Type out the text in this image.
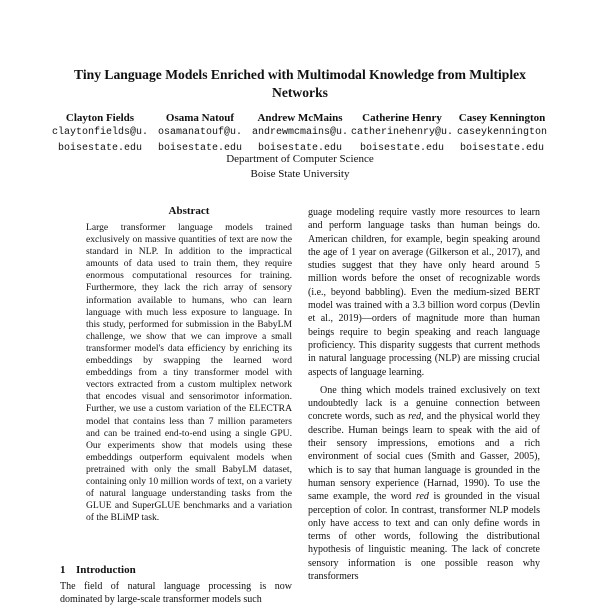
Tiny Language Models Enriched with Multimodal Knowledge from Multiplex Networks
Clayton Fields
claytonfields@u.
boisestate.edu
Osama Natouf
osamanatouf@u.
boisestate.edu
Andrew McMains
andrewmcmains@u.
boisestate.edu
Catherine Henry
catherinehenry@u.
boisestate.edu
Casey Kennington
caseykennington
boisestate.edu
Department of Computer Science
Boise State University
Abstract
Large transformer language models trained exclusively on massive quantities of text are now the standard in NLP. In addition to the impractical amounts of data used to train them, they require enormous computational resources for training. Furthermore, they lack the rich array of sensory information available to humans, who can learn language with much less exposure to language. In this study, performed for submission in the BabyLM challenge, we show that we can improve a small transformer model's data efficiency by enriching its embeddings by swapping the learned word embeddings from a tiny transformer model with vectors extracted from a custom multiplex network that encodes visual and sensorimotor information. Further, we use a custom variation of the ELECTRA model that contains less than 7 million parameters and can be trained end-to-end using a single GPU. Our experiments show that models using these embeddings outperform equivalent models when pretrained with only the small BabyLM dataset, containing only 10 million words of text, on a variety of natural language understanding tasks from the GLUE and SuperGLUE benchmarks and a variation of the BLiMP task.
1 Introduction
The field of natural language processing is now dominated by large-scale transformer models such

guage modeling require vastly more resources to learn and perform language tasks than human beings do. American children, for example, begin speaking around the age of 1 year on average (Gilkerson et al., 2017), and studies suggest that they have only heard around 5 million words before the onset of recognizable words (i.e., beyond babbling). Even the medium-sized BERT model was trained with a 3.3 billion word corpus (Devlin et al., 2019)—orders of magnitude more than human beings require to begin speaking and reach language proficiency. This disparity suggests that current methods in natural language processing (NLP) are missing crucial aspects of language learning.

One thing which models trained exclusively on text undoubtedly lack is a genuine connection between concrete words, such as red, and the physical world they describe. Human beings learn to speak with the aid of their sensory impressions, emotions and a rich environment of social cues (Smith and Gasser, 2005), which is to say that human language is grounded in the human sensory experience (Harnad, 1990). To use the same example, the word red is grounded in the visual perception of color. In contrast, transformer NLP models only have access to text and can only define words in terms of other words, following the distributional hypothesis of linguistic meaning. The lack of concrete sensory information is one possible reason why transformers
